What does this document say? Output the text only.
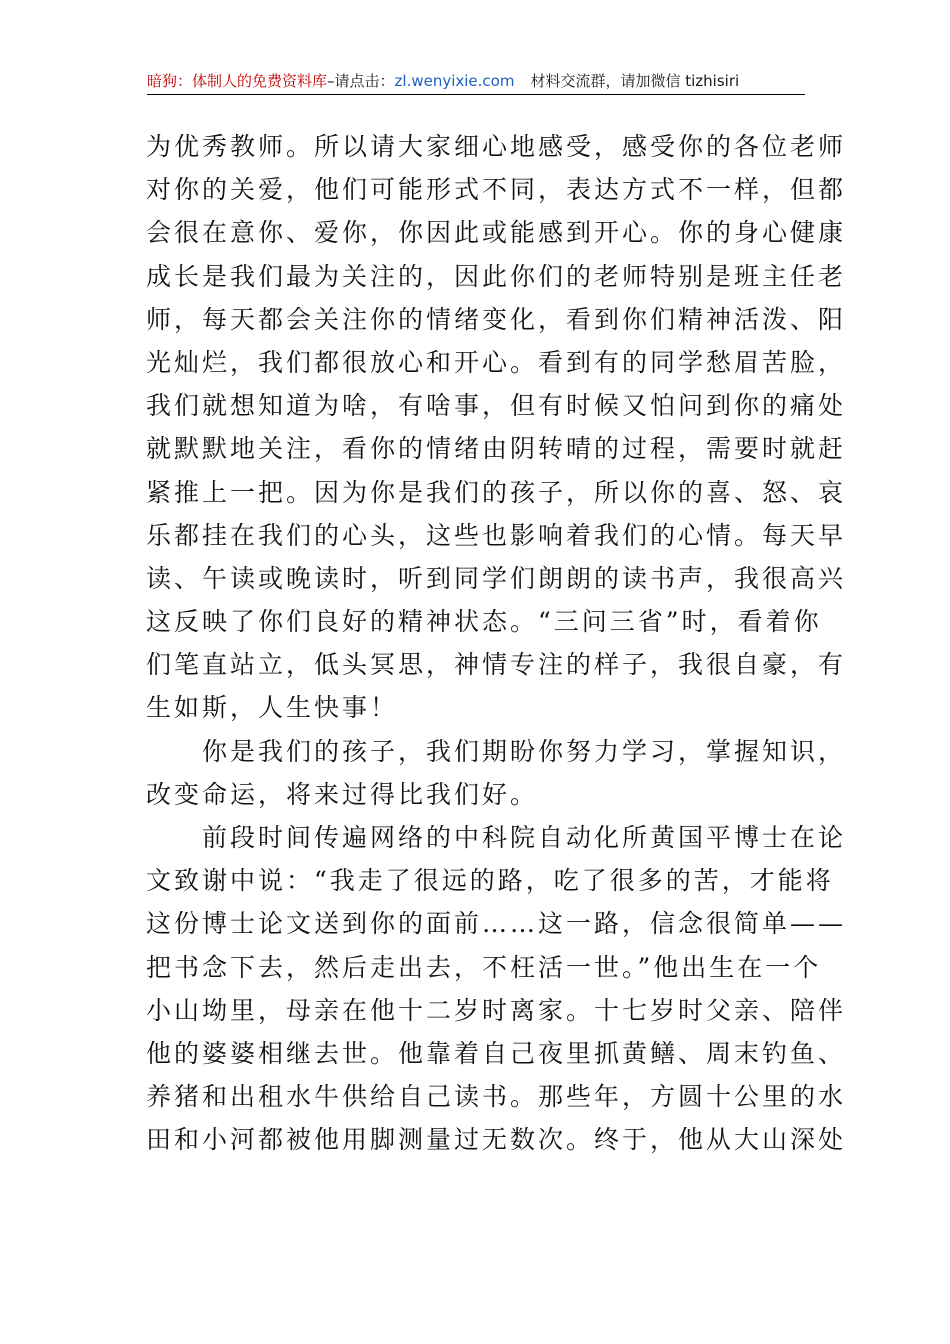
暗狗：体制人的免费资料库–请点击：zl.wenyixie.com 材料交流群，请加微信 tizhisiri
为优秀教师。所以请大家细心地感受，感受你的各位老师
对你的关爱，他们可能形式不同，表达方式不一样，但都
会很在意你、爱你，你因此或能感到开心。你的身心健康
成长是我们最为关注的，因此你们的老师特别是班主任老
师，每天都会关注你的情绪变化，看到你们精神活泼、阳
光灿烂，我们都很放心和开心。看到有的同学愁眉苦脸，
我们就想知道为啥，有啥事，但有时候又怕问到你的痛处
就默默地关注，看你的情绪由阴转晴的过程，需要时就赶
紧推上一把。因为你是我们的孩子，所以你的喜、怒、哀
乐都挂在我们的心头，这些也影响着我们的心情。每天早
读、午读或晚读时，听到同学们朗朗的读书声，我很高兴
这反映了你们良好的精神状态。“三问三省”时，看着你
们笔直站立，低头冥思，神情专注的样子，我很自豪，有
生如斯，人生快事！
你是我们的孩子，我们期盼你努力学习，掌握知识，
改变命运，将来过得比我们好。
前段时间传遍网络的中科院自动化所黄国平博士在论
文致谢中说：“我走了很远的路，吃了很多的苦，才能将
这份博士论文送到你的面前……这一路，信念很简单——
把书念下去，然后走出去，不枉活一世。”他出生在一个
小山坳里，母亲在他十二岁时离家。十七岁时父亲、陪伴
他的婆婆相继去世。他靠着自己夜里抓黄鳝、周末钓鱼、
养猪和出租水牛供给自己读书。那些年，方圆十公里的水
田和小河都被他用脚测量过无数次。终于，他从大山深处
